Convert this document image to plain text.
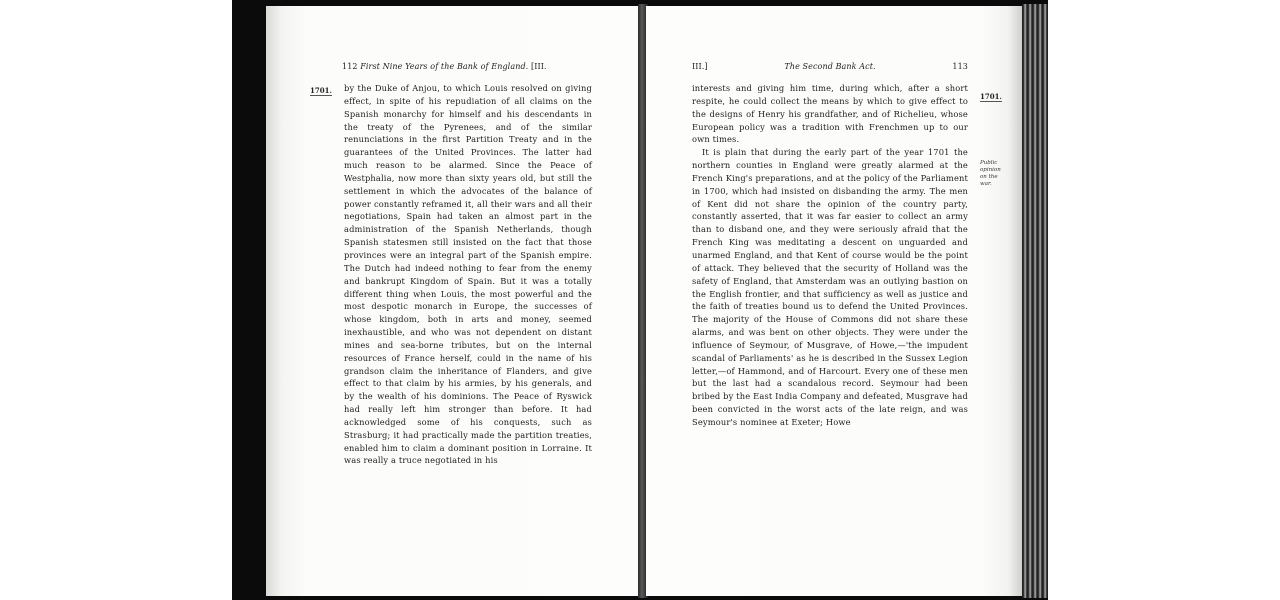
112 First Nine Years of the Bank of England. [III.
1701. by the Duke of Anjou, to which Louis resolved on giving effect, in spite of his repudiation of all claims on the Spanish monarchy for himself and his descendants in the treaty of the Pyrenees, and of the similar renunciations in the first Partition Treaty and in the guarantees of the United Provinces. The latter had much reason to be alarmed. Since the Peace of Westphalia, now more than sixty years old, but still the settlement in which the advocates of the balance of power constantly reframed it, all their wars and all their negotiations, Spain had taken an almost part in the administration of the Spanish Netherlands, though Spanish statesmen still insisted on the fact that those provinces were an integral part of the Spanish empire. The Dutch had indeed nothing to fear from the enemy and bankrupt Kingdom of Spain. But it was a totally different thing when Louis, the most powerful and the most despotic monarch in Europe, the successes of whose kingdom, both in arts and money, seemed inexhaustible, and who was not dependent on distant mines and sea-borne tributes, but on the internal resources of France herself, could in the name of his grandson claim the inheritance of Flanders, and give effect to that claim by his armies, by his generals, and by the wealth of his dominions. The Peace of Ryswick had really left him stronger than before. It had acknowledged some of his conquests, such as Strasburg; it had practically made the partition treaties, enabled him to claim a dominant position in Lorraine. It was really a truce negotiated in his

III.]	The Second Bank Act.	113
1701.
Public opinion on the war.

interests and giving him time, during which, after a short respite, he could collect the means by which to give effect to the designs of Henry his grandfather, and of Richelieu, whose European policy was a tradition with Frenchmen up to our own times.

It is plain that during the early part of the year 1701 the northern counties in England were greatly alarmed at the French King's preparations, and at the policy of the Parliament in 1700, which had insisted on disbanding the army. The men of Kent did not share the opinion of the country party, constantly asserted, that it was far easier to collect an army than to disband one, and they were seriously afraid that the French King was meditating a descent on unguarded and unarmed England, and that Kent of course would be the point of attack. They believed that the security of Holland was the safety of England, that Amsterdam was an outlying bastion on the English frontier, and that sufficiency as well as justice and the faith of treaties bound us to defend the United Provinces. The majority of the House of Commons did not share these alarms, and was bent on other objects. They were under the influence of Seymour, of Musgrave, of Howe,—'the impudent scandal of Parliaments' as he is described in the Sussex Legion letter,—of Hammond, and of Harcourt. Every one of these men but the last had a scandalous record. Seymour had been bribed by the East India Company and defeated, Musgrave had been convicted in the worst acts of the late reign, and was Seymour's nominee at Exeter; Howe
